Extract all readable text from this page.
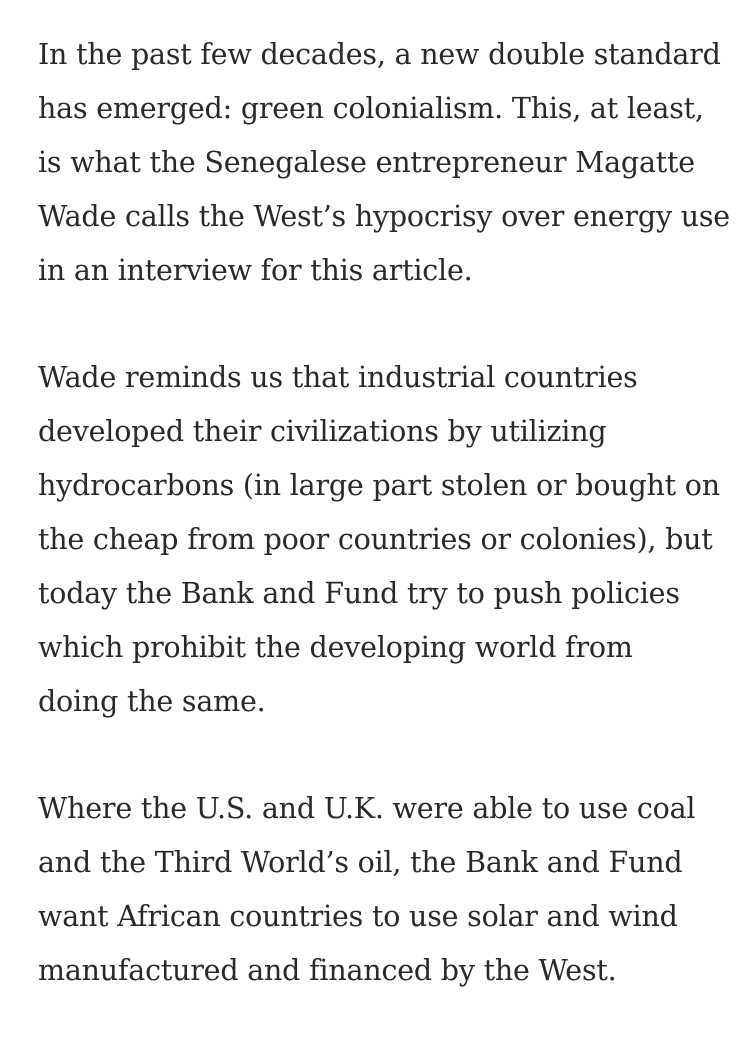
In the past few decades, a new double standard
has emerged: green colonialism. This, at least,
is what the Senegalese entrepreneur Magatte
Wade calls the West’s hypocrisy over energy use
in an interview for this article.

Wade reminds us that industrial countries
developed their civilizations by utilizing
hydrocarbons (in large part stolen or bought on
the cheap from poor countries or colonies), but
today the Bank and Fund try to push policies
which prohibit the developing world from
doing the same.

Where the U.S. and U.K. were able to use coal
and the Third World’s oil, the Bank and Fund
want African countries to use solar and wind
manufactured and financed by the West.
